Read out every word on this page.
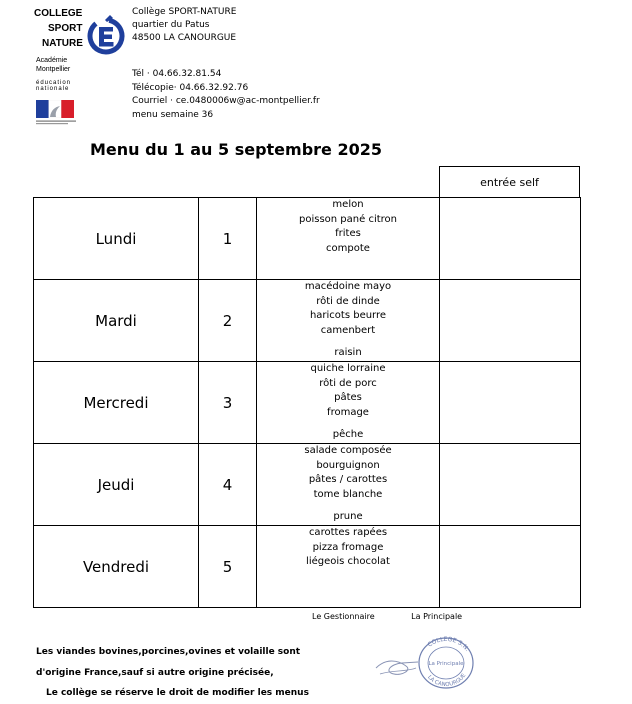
COLLEGE
SPORT
NATURE
Académie
Montpellier
éducation
nationale
Collège SPORT-NATURE
quartier du Patus
48500 LA CANOURGUE
Tél · 04.66.32.81.54
Télécopie· 04.66.32.92.76
Courriel · ce.0480006w@ac-montpellier.fr
menu semaine 36
Menu du 1 au 5 septembre 2025
entrée self
Lundi	1	melon
poisson pané citron
frites
compote	

Mardi	2	macédoine mayo
rôti de dinde
haricots beurre
camenbert
raisin	

Mercredi	3	quiche lorraine
rôti de porc
pâtes
fromage
pêche	

Jeudi	4	salade composée
bourguignon
pâtes / carottes
tome blanche
prune	

Vendredi	5	carottes rapées
pizza fromage
liégeois chocolat	

Le Gestionnaire	La Principale
Les viandes bovines,porcines,ovines et volaille sont
d'origine France,sauf si autre origine précisée,
Le collège se réserve le droit de modifier les menus
COLLEGE S.N.
LA CANOURGUE
La Principale
